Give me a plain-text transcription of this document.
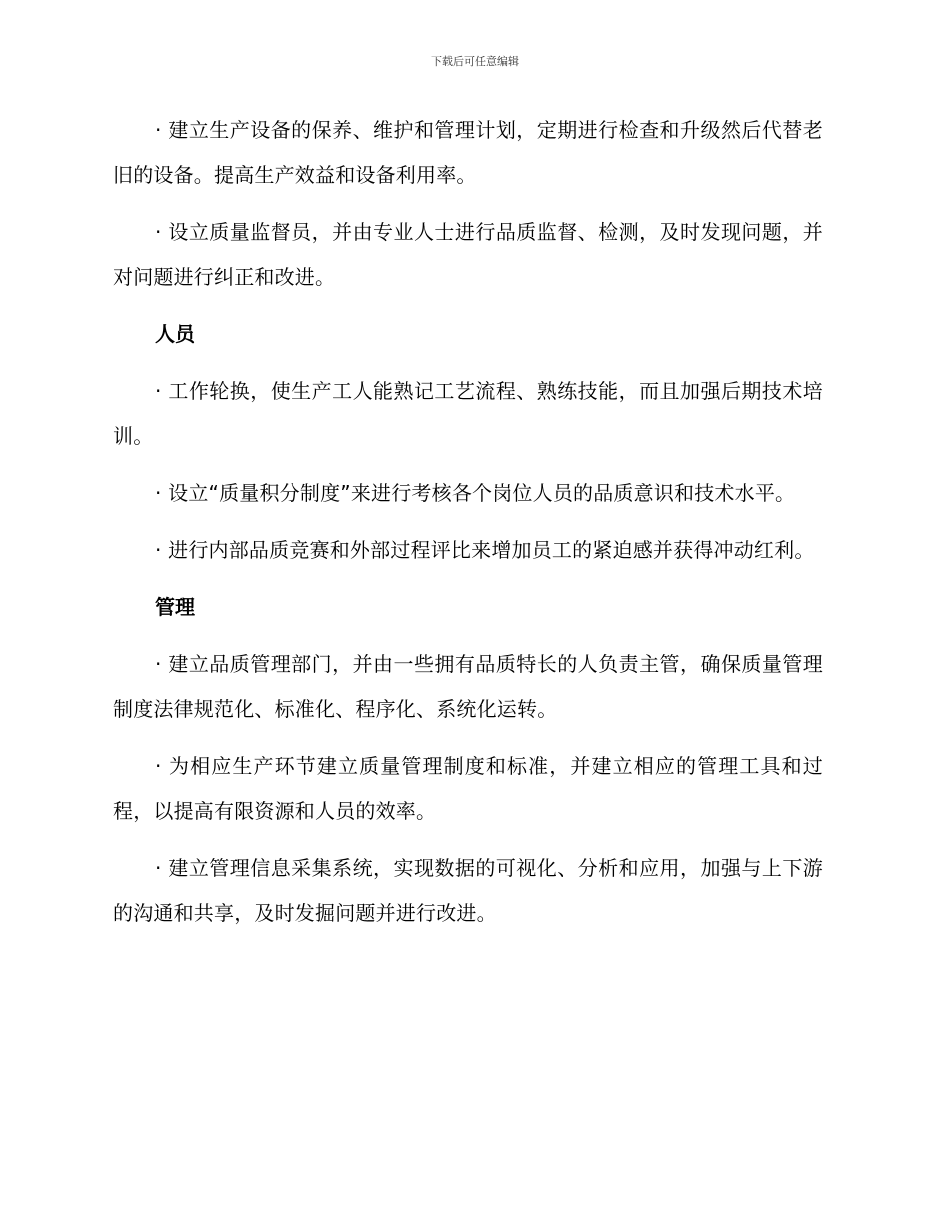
下载后可任意编辑

· 建立生产设备的保养、维护和管理计划，定期进行检查和升级然后代替老旧的设备。提高生产效益和设备利用率。

· 设立质量监督员，并由专业人士进行品质监督、检测，及时发现问题，并对问题进行纠正和改进。

人员

· 工作轮换，使生产工人能熟记工艺流程、熟练技能，而且加强后期技术培训。

· 设立“质量积分制度”来进行考核各个岗位人员的品质意识和技术水平。

· 进行内部品质竞赛和外部过程评比来增加员工的紧迫感并获得冲动红利。

管理

· 建立品质管理部门，并由一些拥有品质特长的人负责主管，确保质量管理制度法律规范化、标准化、程序化、系统化运转。

· 为相应生产环节建立质量管理制度和标准，并建立相应的管理工具和过程，以提高有限资源和人员的效率。

· 建立管理信息采集系统，实现数据的可视化、分析和应用，加强与上下游的沟通和共享，及时发掘问题并进行改进。
